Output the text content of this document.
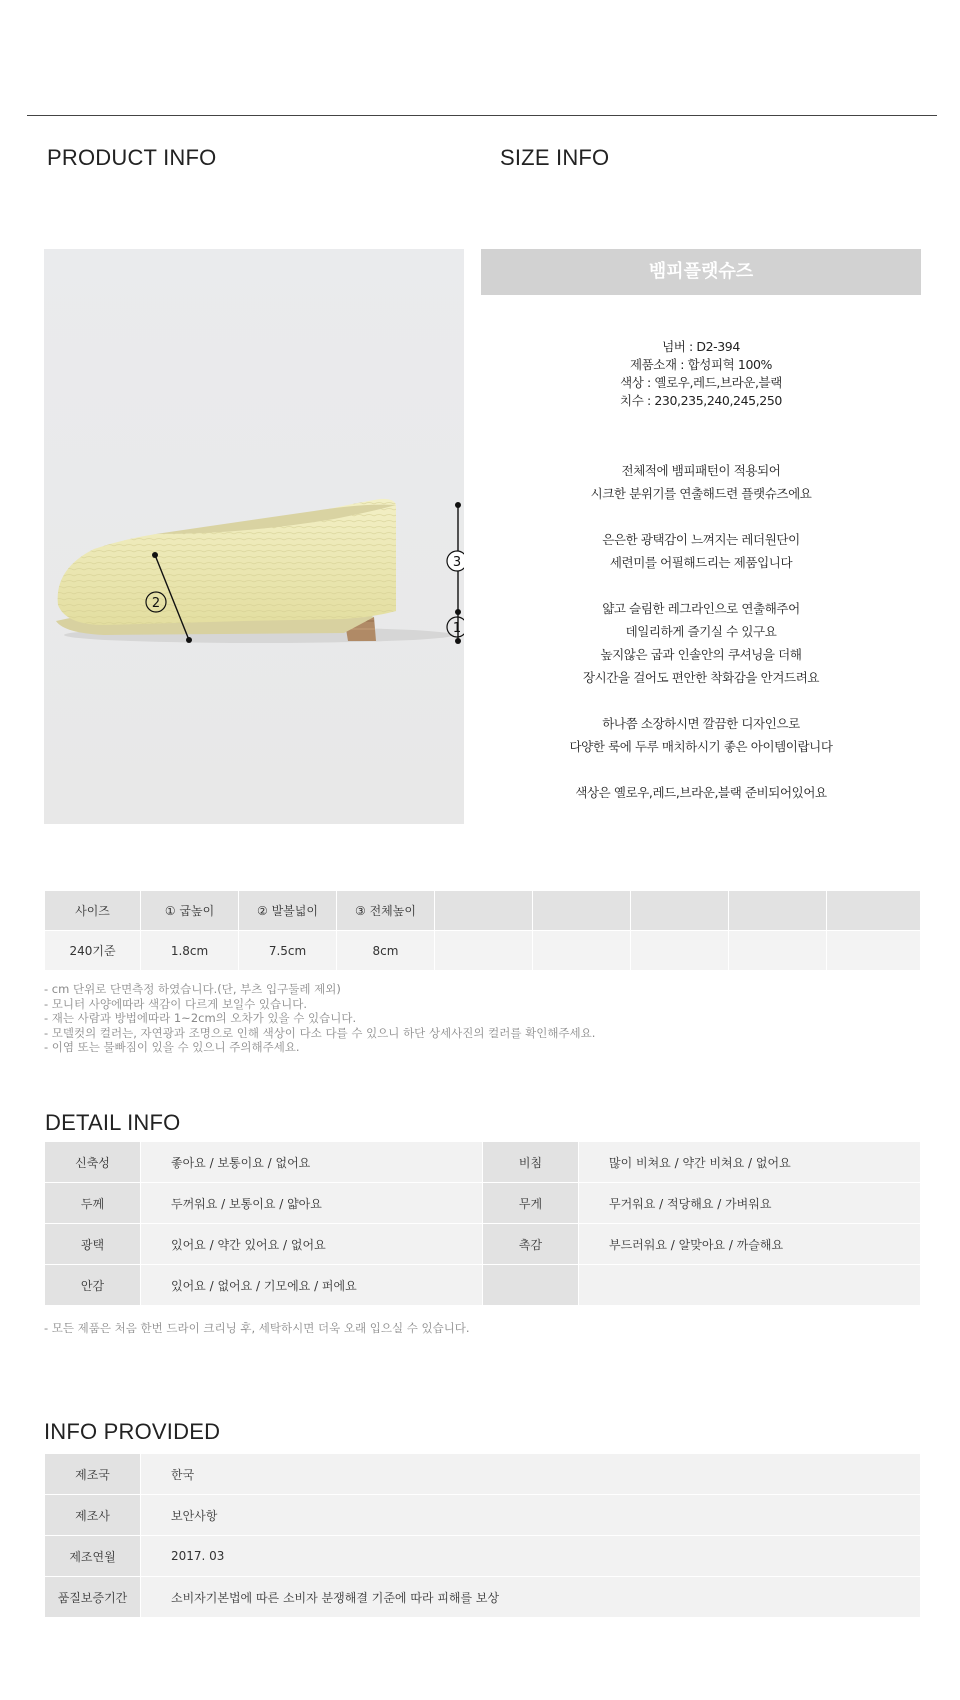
PRODUCT INFO	SIZE INFO
2
3
1
뱀피플랫슈즈
넘버 : D2-394
제품소재 : 합성피혁 100%
색상 : 옐로우,레드,브라운,블랙
치수 : 230,235,240,245,250
전체적에 뱀피패턴이 적용되어
시크한 분위기를 연출해드련 플랫슈즈에요
은은한 광택감이 느껴지는 레더원단이
세련미를 어필해드리는 제품입니다
얇고 슬림한 레그라인으로 연출해주어
데일리하게 즐기실 수 있구요
높지않은 굽과 인솔안의 쿠셔닝을 더해
장시간을 걸어도 편안한 착화감을 안겨드려요
하나쯤 소장하시면 깔끔한 디자인으로
다양한 룩에 두루 매치하시기 좋은 아이템이랍니다
색상은 옐로우,레드,브라운,블랙 준비되어있어요
사이즈	① 굽높이	② 발볼넓이	③ 전체높이					
240기준	1.8cm	7.5cm	8cm					
- cm 단위로 단면측정 하였습니다.(단, 부츠 입구둘레 제외)
- 모니터 사양에따라 색감이 다르게 보일수 있습니다.
- 재는 사람과 방법에따라 1~2cm의 오차가 있을 수 있습니다.
- 모델컷의 컬러는, 자연광과 조명으로 인해 색상이 다소 다를 수 있으니 하단 상세사진의 컬러를 확인해주세요.
- 이염 또는 물빠짐이 있을 수 있으니 주의해주세요.
DETAIL INFO
신축성	좋아요 / 보통이요 / 없어요	비침	많이 비쳐요 / 약간 비쳐요 / 없어요
두께	두꺼워요 / 보통이요 / 얇아요	무게	무거워요 / 적당해요 / 가벼워요
광택	있어요 / 약간 있어요 / 없어요	촉감	부드러워요 / 알맞아요 / 까슬해요
안감	있어요 / 없어요 / 기모에요 / 퍼에요		
- 모든 제품은 처음 한번 드라이 크리닝 후, 세탁하시면 더욱 오래 입으실 수 있습니다.
INFO PROVIDED
제조국	한국
제조사	보안사항
제조연월	2017. 03
품질보증기간	소비자기본법에 따른 소비자 분쟁해결 기준에 따라 피해를 보상
